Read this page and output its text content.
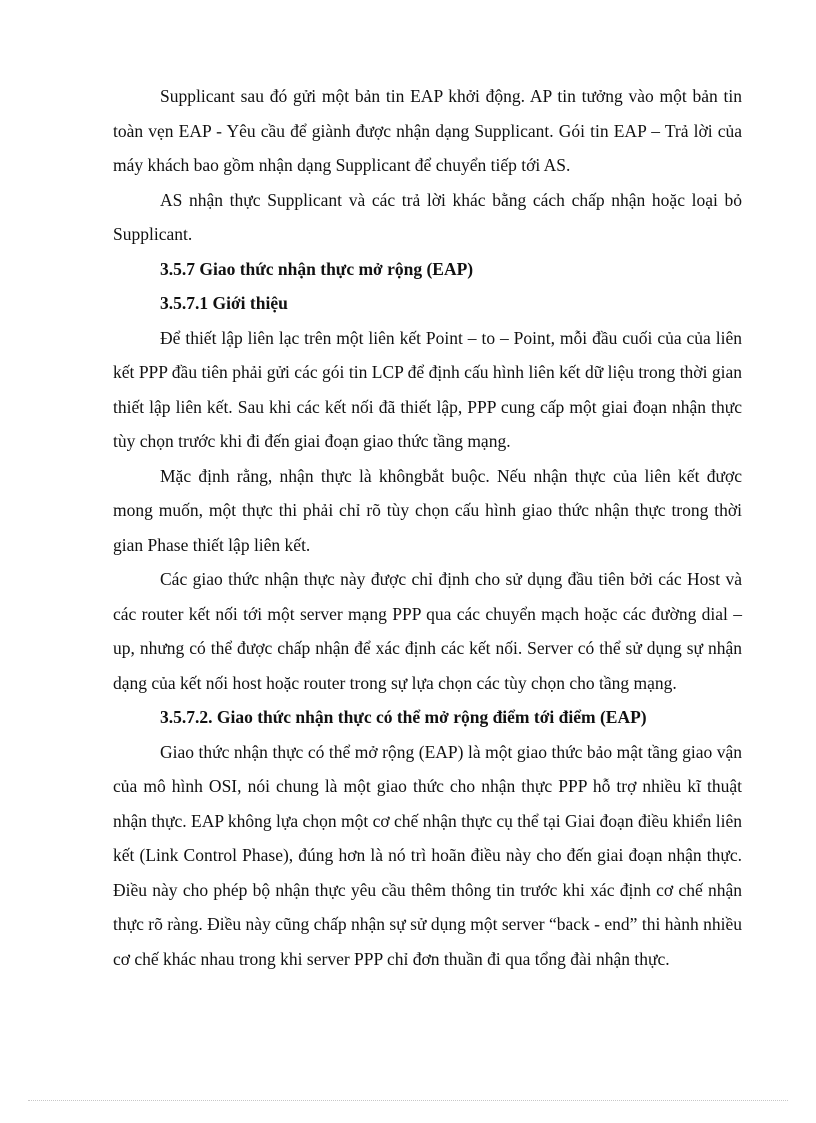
Supplicant sau đó gửi một bản tin EAP khởi động. AP tin tưởng vào một bản tin toàn vẹn EAP - Yêu cầu để giành được nhận dạng Supplicant. Gói tin EAP – Trả lời của máy khách bao gồm nhận dạng Supplicant để chuyển tiếp tới AS.

AS nhận thực Supplicant và các trả lời khác bằng cách chấp nhận hoặc loại bỏ Supplicant.

3.5.7 Giao thức nhận thực mở rộng (EAP)

3.5.7.1 Giới thiệu

Để thiết lập liên lạc trên một liên kết Point – to – Point, mỗi đầu cuối của của liên kết PPP đầu tiên phải gửi các gói tin LCP để định cấu hình liên kết dữ liệu trong thời gian thiết lập liên kết. Sau khi các kết nối đã thiết lập, PPP cung cấp một giai đoạn nhận thực tùy chọn trước khi đi đến giai đoạn giao thức tầng mạng.

Mặc định rằng, nhận thực là khôngbắt buộc. Nếu nhận thực của liên kết được mong muốn, một thực thi phải chỉ rõ tùy chọn cấu hình giao thức nhận thực trong thời gian Phase thiết lập liên kết.

Các giao thức nhận thực này được chỉ định cho sử dụng đầu tiên bởi các Host và các router kết nối tới một server mạng PPP qua các chuyển mạch hoặc các đường dial – up, nhưng có thể được chấp nhận để xác định các kết nối. Server có thể sử dụng sự nhận dạng của kết nối host hoặc router trong sự lựa chọn các tùy chọn cho tầng mạng.

3.5.7.2. Giao thức nhận thực có thể mở rộng điểm tới điểm (EAP)

Giao thức nhận thực có thể mở rộng (EAP) là một giao thức bảo mật tầng giao vận của mô hình OSI, nói chung là một giao thức cho nhận thực PPP hỗ trợ nhiều kĩ thuật nhận thực. EAP không lựa chọn một cơ chế nhận thực cụ thể tại Giai đoạn điều khiển liên kết (Link Control Phase), đúng hơn là nó trì hoãn điều này cho đến giai đoạn nhận thực. Điều này cho phép bộ nhận thực yêu cầu thêm thông tin trước khi xác định cơ chế nhận thực rõ ràng. Điều này cũng chấp nhận sự sử dụng một server “back - end” thi hành nhiều cơ chế khác nhau trong khi server PPP chỉ đơn thuần đi qua tổng đài nhận thực.
